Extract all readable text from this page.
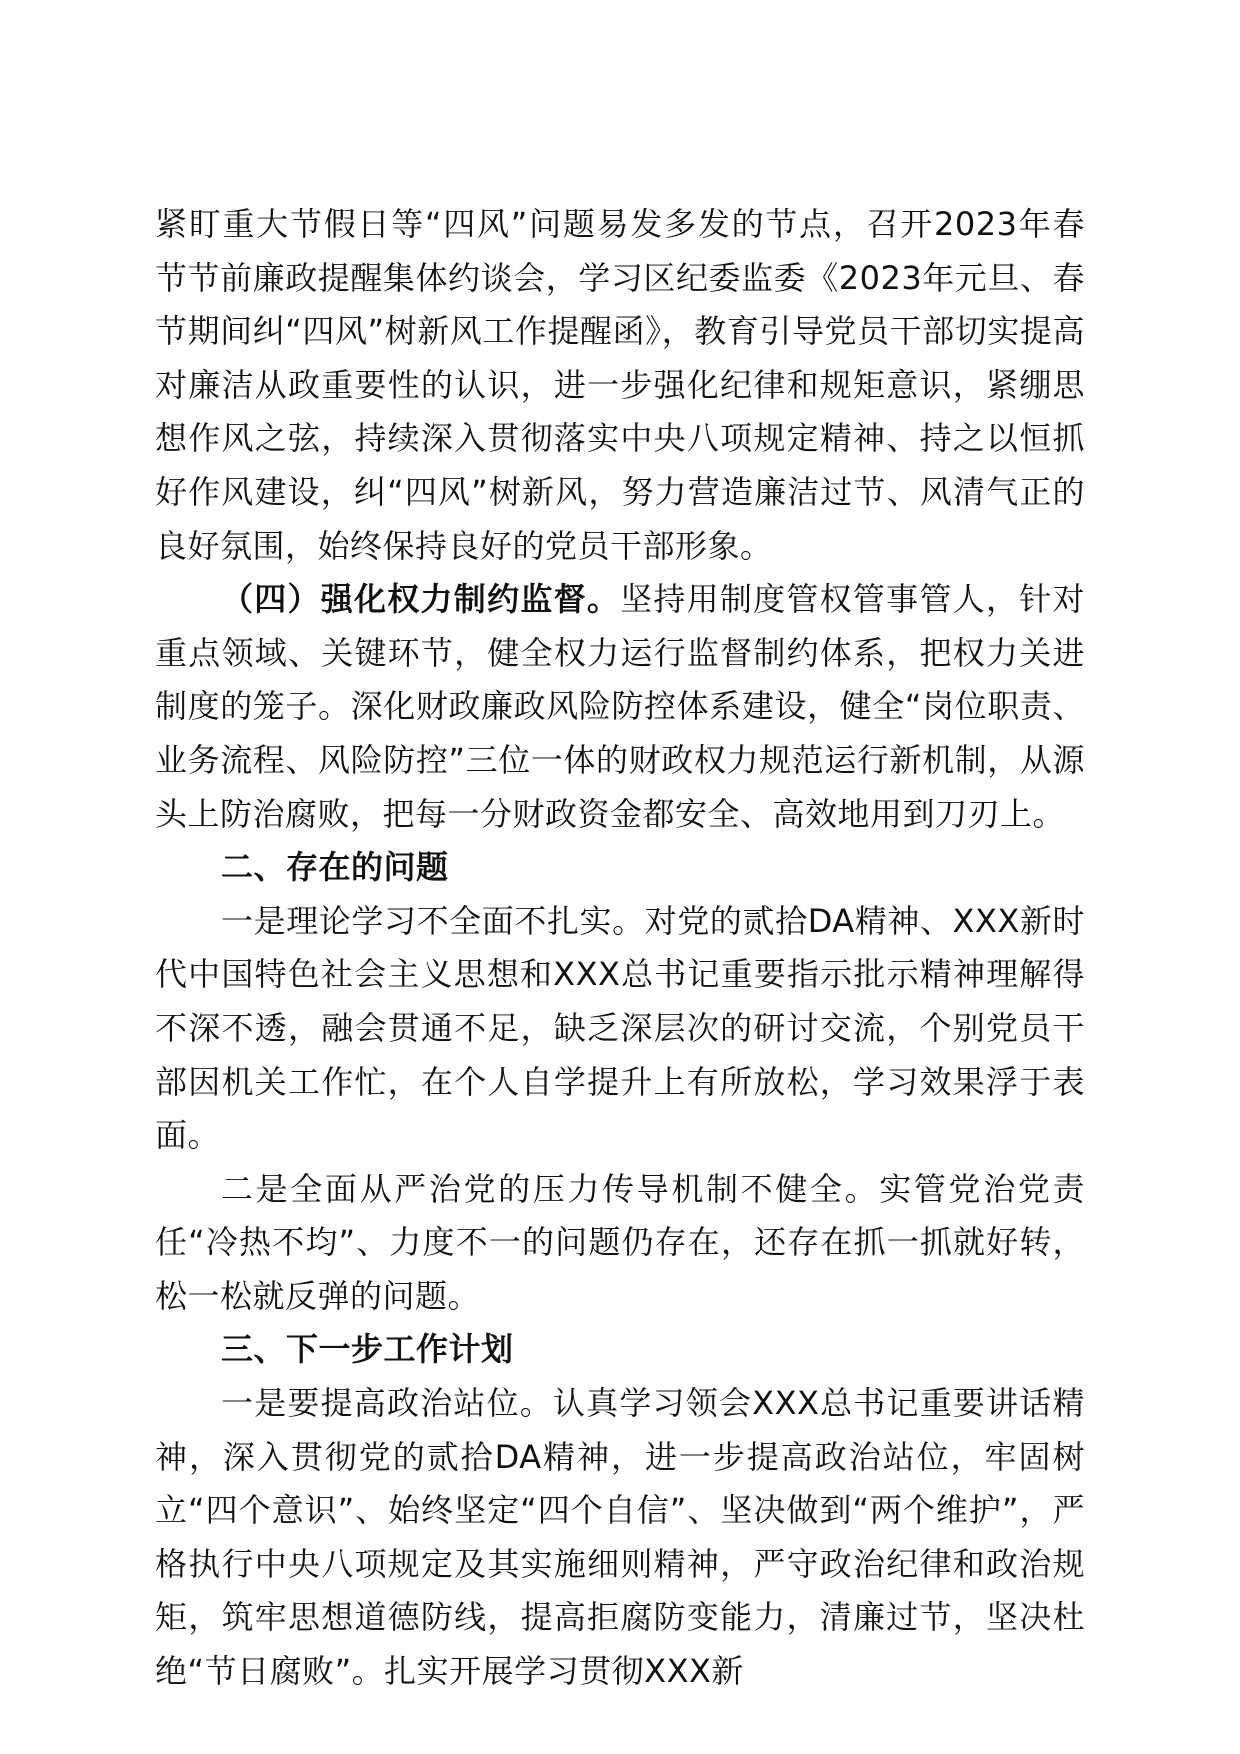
紧盯重大节假日等“四风”问题易发多发的节点，召开2023年春节节前廉政提醒集体约谈会，学习区纪委监委《2023年元旦、春节期间纠“四风”树新风工作提醒函》，教育引导党员干部切实提高对廉洁从政重要性的认识，进一步强化纪律和规矩意识，紧绷思想作风之弦，持续深入贯彻落实中央八项规定精神、持之以恒抓好作风建设，纠“四风”树新风，努力营造廉洁过节、风清气正的良好氛围，始终保持良好的党员干部形象。

（四）强化权力制约监督。坚持用制度管权管事管人，针对重点领域、关键环节，健全权力运行监督制约体系，把权力关进制度的笼子。深化财政廉政风险防控体系建设，健全“岗位职责、业务流程、风险防控”三位一体的财政权力规范运行新机制，从源头上防治腐败，把每一分财政资金都安全、高效地用到刀刃上。

二、存在的问题

一是理论学习不全面不扎实。对党的贰拾DA精神、XXX新时代中国特色社会主义思想和XXX总书记重要指示批示精神理解得不深不透，融会贯通不足，缺乏深层次的研讨交流，个别党员干部因机关工作忙，在个人自学提升上有所放松，学习效果浮于表面。

二是全面从严治党的压力传导机制不健全。实管党治党责任“冷热不均”、力度不一的问题仍存在，还存在抓一抓就好转，松一松就反弹的问题。

三、下一步工作计划

一是要提高政治站位。认真学习领会XXX总书记重要讲话精神，深入贯彻党的贰拾DA精神，进一步提高政治站位，牢固树立“四个意识”、始终坚定“四个自信”、坚决做到“两个维护”，严格执行中央八项规定及其实施细则精神，严守政治纪律和政治规矩，筑牢思想道德防线，提高拒腐防变能力，清廉过节，坚决杜绝“节日腐败”。扎实开展学习贯彻XXX新
